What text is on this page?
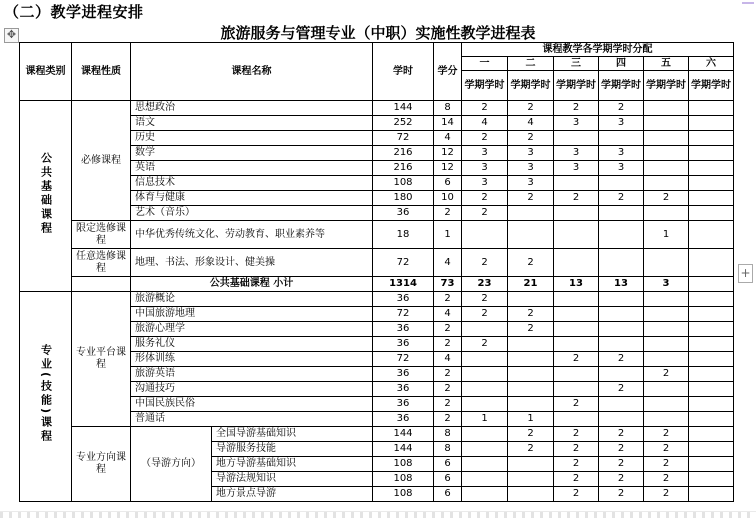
（二）教学进程安排
✥	旅游服务与管理专业（中职）实施性教学进程表
课程类别	课程性质	课程名称		学时	学分	课程教学各学期学时分配					
						一	二	三	四	五	六
						学期学时	学期学时	学期学时	学期学时	学期学时	学期学时
公共基础课程	必修课程	思想政治		144	8	2	2	2	2		
		语文		252	14	4	4	3	3		
		历史		72	4	2	2				
		数学		216	12	3	3	3	3		
		英语		216	12	3	3	3	3		
		信息技术		108	6	3	3				
		体育与健康		180	10	2	2	2	2	2	
		艺术（音乐）		36	2	2					
	限定选修课程	中华优秀传统文化、劳动教育、职业素养等		18	1					1	
	任意选修课程	地理、书法、形象设计、健美操		72	4	2	2				
		公共基础课程 小计		1314	73	23	21	13	13	3	
专业(技能)课程	专业平台课程	旅游概论		36	2	2					
		中国旅游地理		72	4	2	2				
		旅游心理学		36	2		2				
		服务礼仪		36	2	2					
		形体训练		72	4			2	2		
		旅游英语		36	2					2	
		沟通技巧		36	2				2		
		中国民族民俗		36	2			2			
		普通话		36	2	1	1				
	专业方向课程	（导游方向）	全国导游基础知识	144	8		2	2	2	2	
			导游服务技能	144	8		2	2	2	2	
			地方导游基础知识	108	6			2	2	2	
			导游法规知识	108	6			2	2	2	
			地方景点导游	108	6			2	2	2	
+
